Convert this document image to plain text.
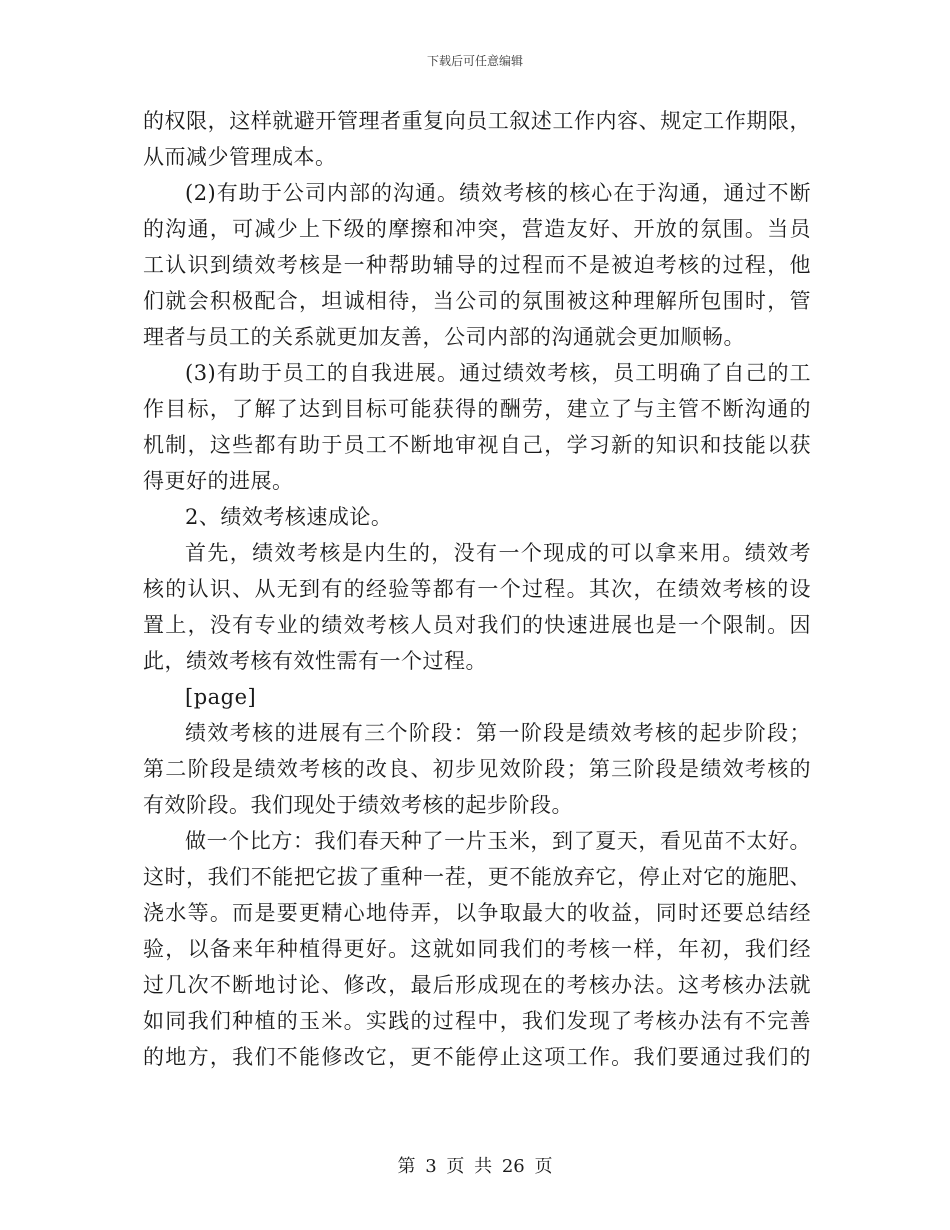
下载后可任意编辑
的权限，这样就避开管理者重复向员工叙述工作内容、规定工作期限，
从而减少管理成本。
(2)有助于公司内部的沟通。绩效考核的核心在于沟通，通过不断
的沟通，可减少上下级的摩擦和冲突，营造友好、开放的氛围。当员
工认识到绩效考核是一种帮助辅导的过程而不是被迫考核的过程，他
们就会积极配合，坦诚相待，当公司的氛围被这种理解所包围时，管
理者与员工的关系就更加友善，公司内部的沟通就会更加顺畅。
(3)有助于员工的自我进展。通过绩效考核，员工明确了自己的工
作目标，了解了达到目标可能获得的酬劳，建立了与主管不断沟通的
机制，这些都有助于员工不断地审视自己，学习新的知识和技能以获
得更好的进展。
2、绩效考核速成论。
首先，绩效考核是内生的，没有一个现成的可以拿来用。绩效考
核的认识、从无到有的经验等都有一个过程。其次，在绩效考核的设
置上，没有专业的绩效考核人员对我们的快速进展也是一个限制。因
此，绩效考核有效性需有一个过程。
[page]
绩效考核的进展有三个阶段：第一阶段是绩效考核的起步阶段；
第二阶段是绩效考核的改良、初步见效阶段；第三阶段是绩效考核的
有效阶段。我们现处于绩效考核的起步阶段。
做一个比方：我们春天种了一片玉米，到了夏天，看见苗不太好。
这时，我们不能把它拔了重种一茬，更不能放弃它，停止对它的施肥、
浇水等。而是要更精心地侍弄，以争取最大的收益，同时还要总结经
验，以备来年种植得更好。这就如同我们的考核一样，年初，我们经
过几次不断地讨论、修改，最后形成现在的考核办法。这考核办法就
如同我们种植的玉米。实践的过程中，我们发现了考核办法有不完善
的地方，我们不能修改它，更不能停止这项工作。我们要通过我们的
第 3 页 共 26 页
